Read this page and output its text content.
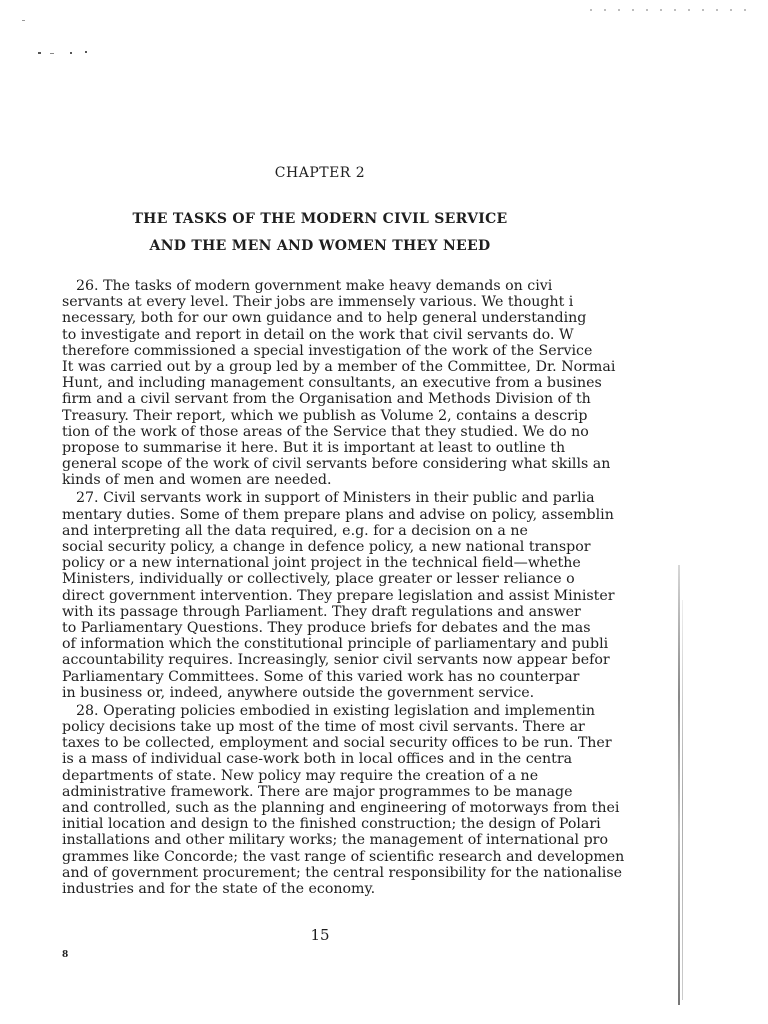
CHAPTER 2
THE TASKS OF THE MODERN CIVIL SERVICE
AND THE MEN AND WOMEN THEY NEED
26. The tasks of modern government make heavy demands on civi
servants at every level. Their jobs are immensely various. We thought i
necessary, both for our own guidance and to help general understanding
to investigate and report in detail on the work that civil servants do. W
therefore commissioned a special investigation of the work of the Servicе
It was carried out by a group led by a member of the Committee, Dr. Normai
Hunt, and including management consultants, an executive from a busines
firm and a civil servant from the Organisation and Methods Division of th
Treasury. Their report, which we publish as Volume 2, contains a descrip
tion of the work of those areas of the Service that they studied. We do no
propose to summarise it here. But it is important at least to outline th
general scope of the work of civil servants before considering what skills an
kinds of men and women are needed.
27. Civil servants work in support of Ministers in their public and parlia
mentary duties. Some of them prepare plans and advise on policy, assemblin
and interpreting all the data required, e.g. for a decision on a ne
social security policy, a change in defence policy, a new national transpor
policy or a new international joint project in the technical field—whethe
Ministers, individually or collectively, place greater or lesser reliance o
direct government intervention. They prepare legislation and assist Minister
with its passage through Parliament. They draft regulations and answer
to Parliamentary Questions. They produce briefs for debates and the mas
of information which the constitutional principle of parliamentary and publi
accountability requires. Increasingly, senior civil servants now appear befor
Parliamentary Committees. Some of this varied work has no counterpar
in business or, indeed, anywhere outside the government service.
28. Operating policies embodied in existing legislation and implementin
policy decisions take up most of the time of most civil servants. There ar
taxes to be collected, employment and social security offices to be run. Ther
is a mass of individual case-work both in local offices and in the centra
departments of state. New policy may require the creation of a ne
administrative framework. There are major programmes to be manage
and controlled, such as the planning and engineering of motorways from thei
initial location and design to the finished construction; the design of Polari
installations and other military works; the management of international pro
grammes like Concorde; the vast range of scientific research and developmen
and of government procurement; the central responsibility for the nationalise
industries and for the state of the economy.
15
8
